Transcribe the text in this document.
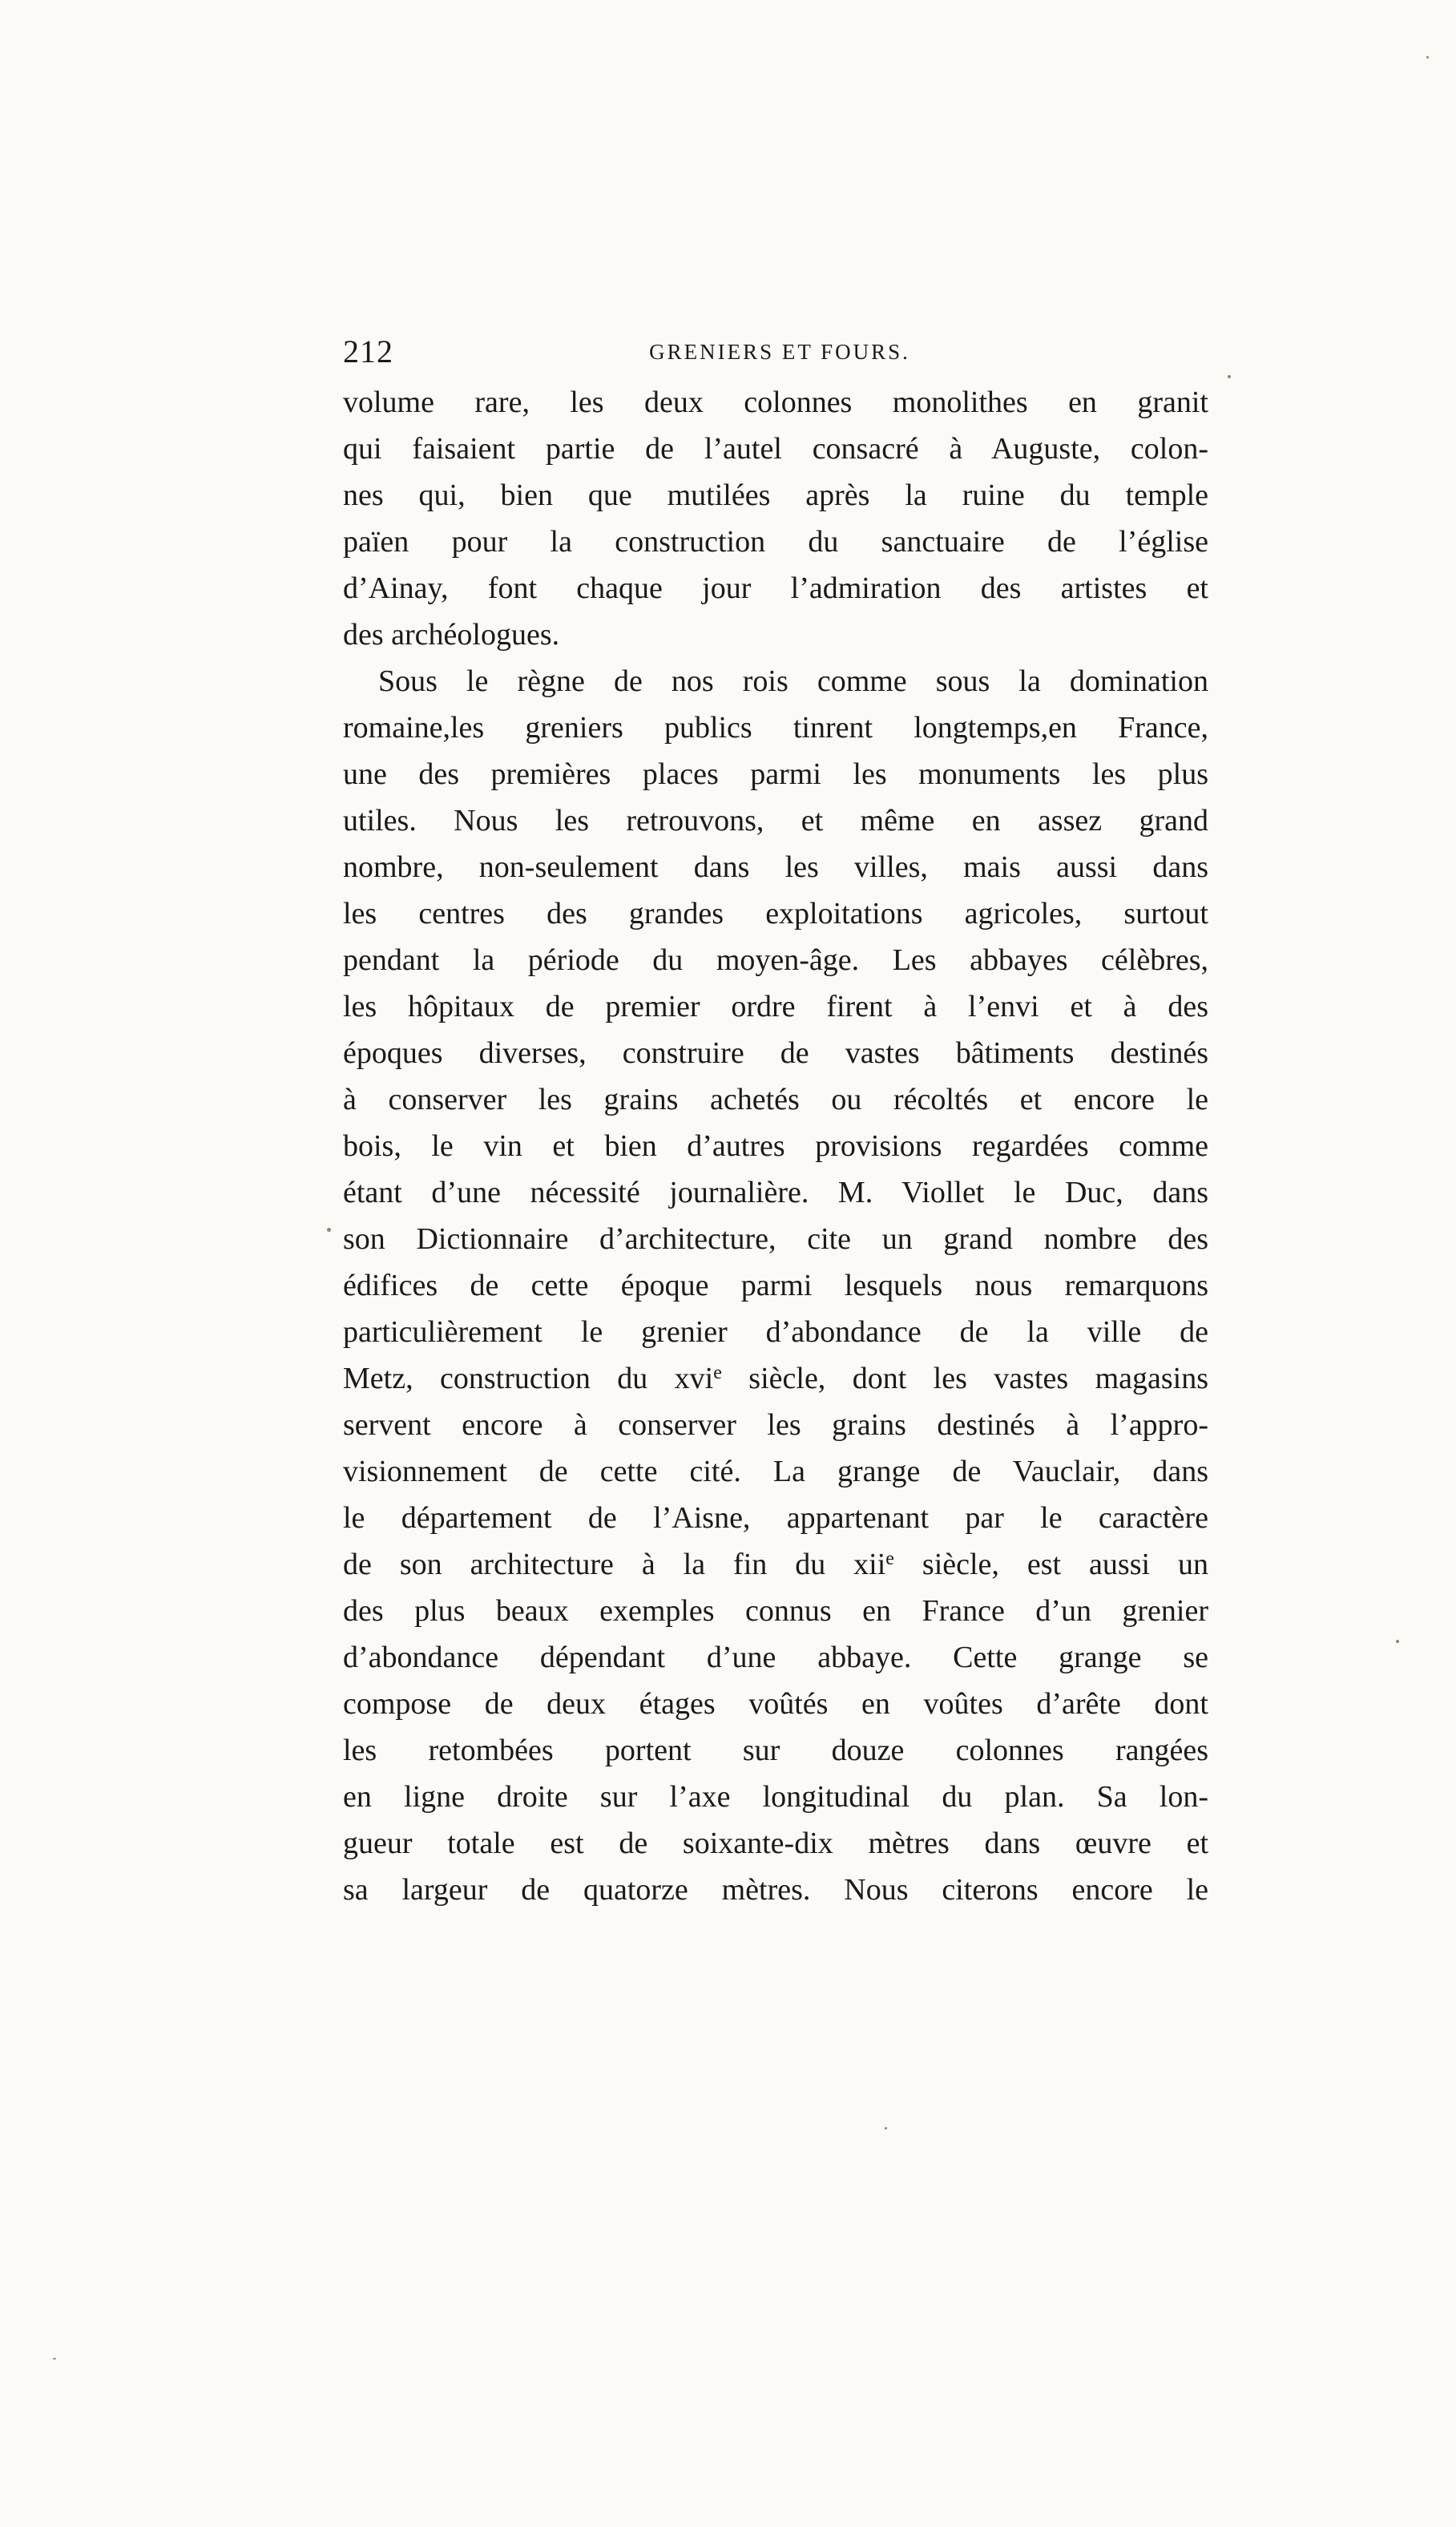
212	GRENIERS ET FOURS.
volume rare, les deux colonnes monolithes en granit
qui faisaient partie de l’autel consacré à Auguste, colon-
nes qui, bien que mutilées après la ruine du temple
païen pour la construction du sanctuaire de l’église
d’Ainay, font chaque jour l’admiration des artistes et
des archéologues.
Sous le règne de nos rois comme sous la domination
romaine,les greniers publics tinrent longtemps,en France,
une des premières places parmi les monuments les plus
utiles. Nous les retrouvons, et même en assez grand
nombre, non-seulement dans les villes, mais aussi dans
les centres des grandes exploitations agricoles, surtout
pendant la période du moyen-âge. Les abbayes célèbres,
les hôpitaux de premier ordre firent à l’envi et à des
époques diverses, construire de vastes bâtiments destinés
à conserver les grains achetés ou récoltés et encore le
bois, le vin et bien d’autres provisions regardées comme
étant d’une nécessité journalière. M. Viollet le Duc, dans
son Dictionnaire d’architecture, cite un grand nombre des
édifices de cette époque parmi lesquels nous remarquons
particulièrement le grenier d’abondance de la ville de
Metz, construction du xvi$^e$ siècle, dont les vastes magasins
servent encore à conserver les grains destinés à l’appro-
visionnement de cette cité. La grange de Vauclair, dans
le département de l’Aisne, appartenant par le caractère
de son architecture à la fin du xii$^e$ siècle, est aussi un
des plus beaux exemples connus en France d’un grenier
d’abondance dépendant d’une abbaye. Cette grange se
compose de deux étages voûtés en voûtes d’arête dont
les retombées portent sur douze colonnes rangées
en ligne droite sur l’axe longitudinal du plan. Sa lon-
gueur totale est de soixante-dix mètres dans œuvre et
sa largeur de quatorze mètres. Nous citerons encore le
